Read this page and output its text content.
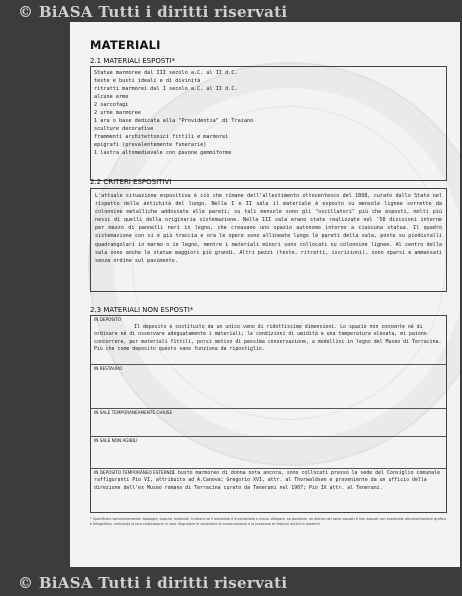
© BiASA Tutti i diritti riservati
MATERIALI
2.1 MATERIALI ESPOSTI*
Statue marmoree dal III secolo a.C. al II d.C.
teste e busti ideali e di divinità
ritratti marmorei dal I secolo a.C. al II d.C.
alcune erme
2 sarcofagi
2 urne marmoree
1 ara o base dedicata alla "Providentia" di Traiano
sculture decorative
frammenti architettonici fittili e marmorei
epigrafi (prevalentemente funerarie)
1 lastra altomedievale con pavone gemmiforme
2.2 CRITERI ESPOSITIVI

L'attuale situazione espositiva è ciò che rimane dell'allestimento ottocentesco del 1898, curato dallo Stato nel rispetto delle antichità del luogo. Nella I e II sala il materiale è esposto su mensole lignee sorrette da colonnine metalliche addossate alle pareti; su tali mensole sono gli "oscillatori" più che esposti, molti più nessi di quelli della originaria sistemazione. Nella III sala erano state realizzate nel '58 divisioni interne per mezzo di pannelli neri in legno, che creavano uno spazio autonomo intorno a ciascuna statua. Il quadro sistemazione con vi è più traccia e ora le opere sono allineate lungo le pareti della sala, poste su piedistalli quadrangolari in marmo o in legno, mentre i materiali minori sono collocati su colonnine lignee. Al centro della sala sono anche le statue maggiori più grandi. Altri pezzi (teste, ritratti, iscrizioni), sono sparsi e ammassati senza ordine sul pavimento.

2.3 MATERIALI NON ESPOSTI*
IN DEPOSITO

Il deposito è costituito da un unico vano di ridottissime dimensioni. Lo spazio non consente né di ordinare né di osservare adeguatamente i materiali; le condizioni di umidità e una temperatura elevata, mi paiono concorrere, per materiali fittili, porsi motivo di pessima conservazione, a modellini in legno del Museo di Terracina. Più che come deposito questo vano funziona da ripostiglio.

IN RESTAURO
IN SALE TEMPORANEAMENTE CHIUSE
IN SALE NON AGIBILI
IN DEPOSITO TEMPORANEO ESTERNO 1 busto marmoreo di donna nota ancora, sono collocati presso la sede del Consiglio comunale raffiguranti Pio VI, attribuito ad A.Canova; Gregorio XVI, attr. al Thorwaldsen e proveniente da un ufficio della direzione dell'ex Museo romano di Terracina curato da Tenerani nel 1907; Pio IX attr. al Tenerani.

* Specificare sommariamente: tipologie, epoche, materiali. Indicare se il materiale è inventariato o meno. Allegare, se possibile, un elenco dei pezzi esposti e non esposti con eventuale documentazione grafica e fotografica, indicando la loro collocazione in sala. Segnalare le condizioni di conservazione e la presenza di restauri antichi o moderni.

© BiASA Tutti i diritti riservati
